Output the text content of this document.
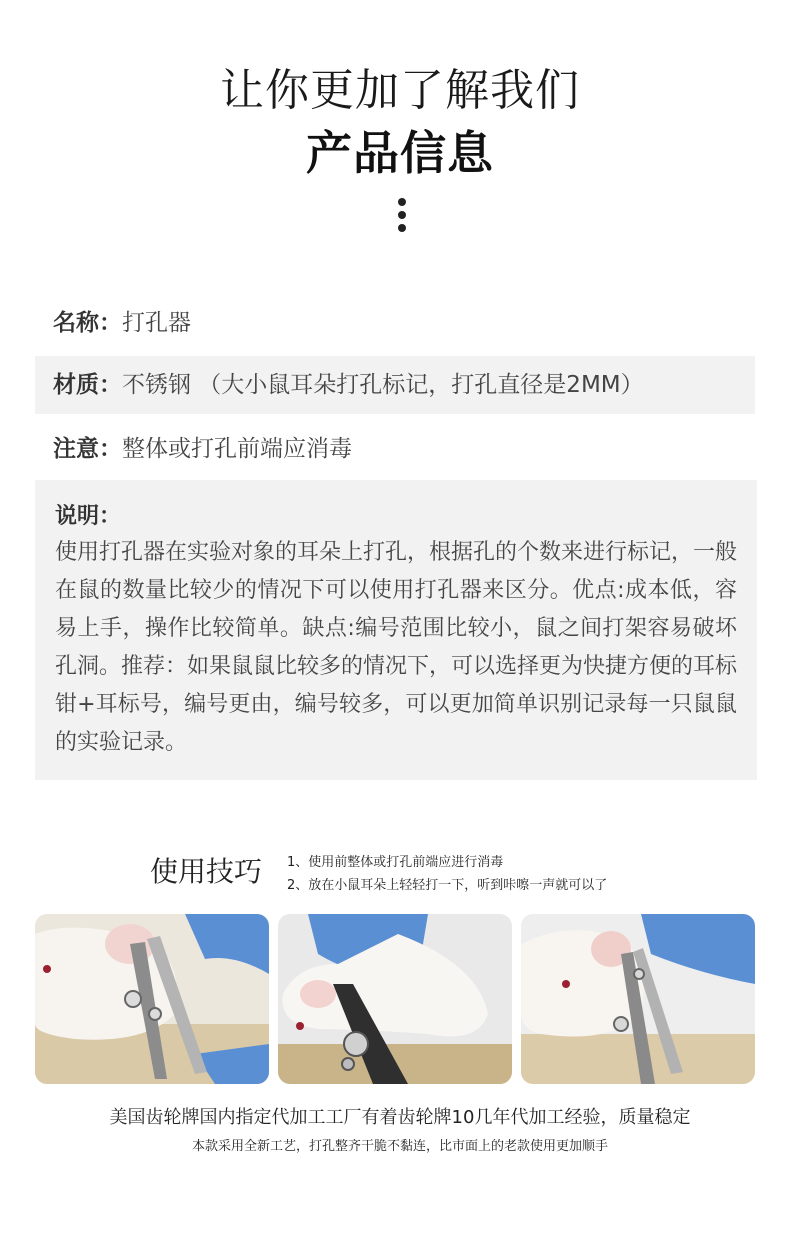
让你更加了解我们
产品信息
名称：打孔器
材质：不锈钢 （大小鼠耳朵打孔标记，打孔直径是2MM）
注意：整体或打孔前端应消毒
说明：
使用打孔器在实验对象的耳朵上打孔，根据孔的个数来进行标记，一般在鼠的数量比较少的情况下可以使用打孔器来区分。优点:成本低，容易上手，操作比较简单。缺点:编号范围比较小，鼠之间打架容易破坏孔洞。推荐：如果鼠鼠比较多的情况下，可以选择更为快捷方便的耳标钳+耳标号，编号更由，编号较多，可以更加简单识别记录每一只鼠鼠的实验记录。
使用技巧 1、使用前整体或打孔前端应进行消毒
2、放在小鼠耳朵上轻轻打一下，听到咔嚓一声就可以了
美国齿轮牌国内指定代加工工厂有着齿轮牌10几年代加工经验，质量稳定
本款采用全新工艺，打孔整齐干脆不黏连，比市面上的老款使用更加顺手
